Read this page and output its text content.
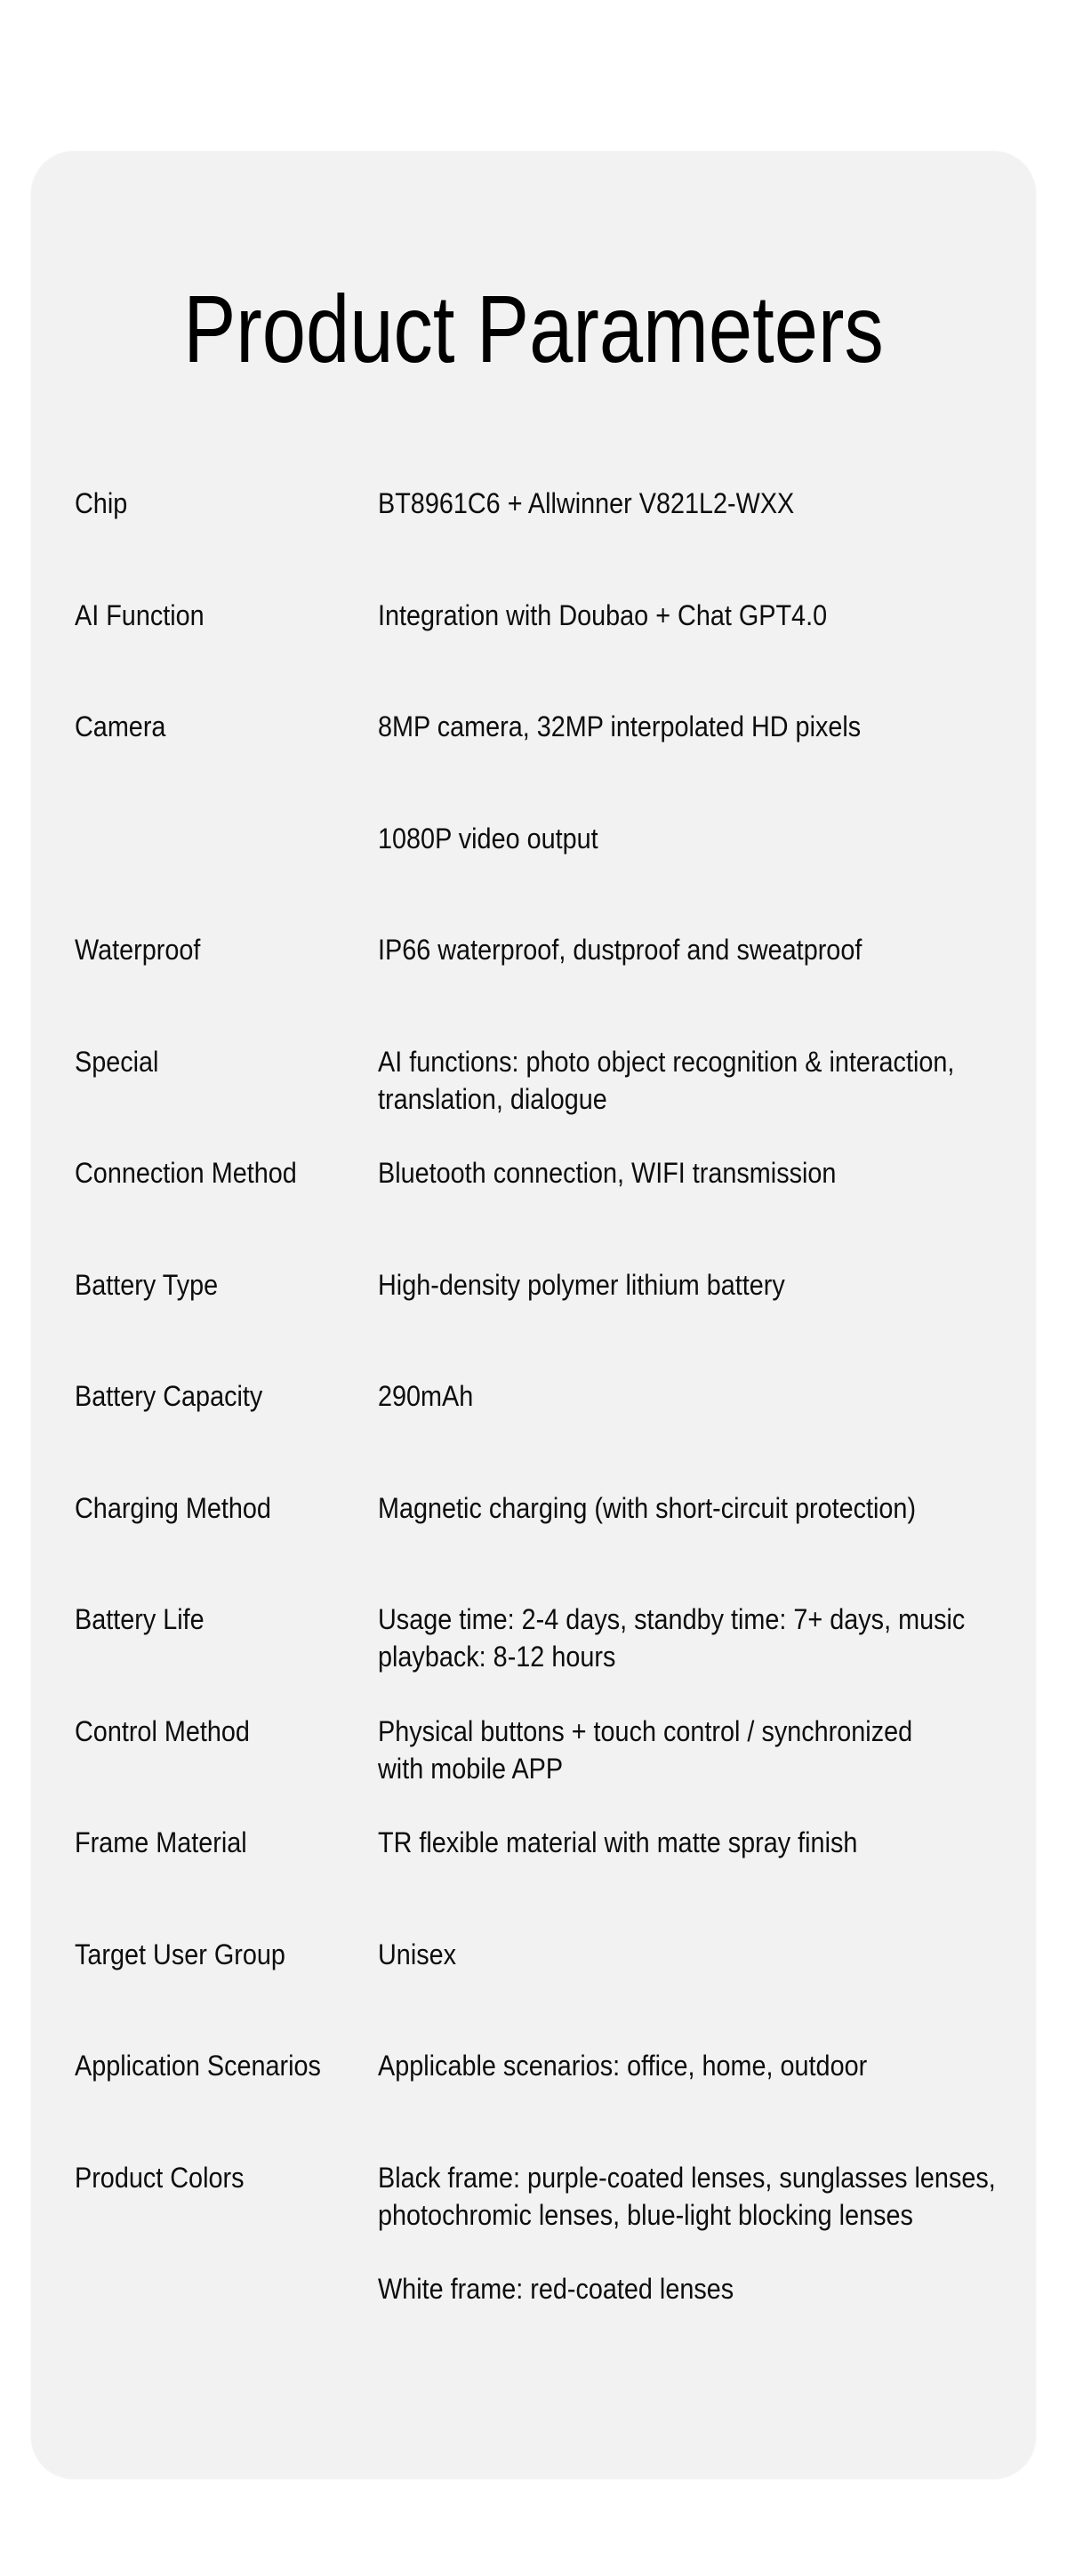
Product Parameters
Chip	BT8961C6 + Allwinner V821L2-WXX
AI Function	Integration with Doubao + Chat GPT4.0
Camera	8MP camera, 32MP interpolated HD pixels
1080P video output
Waterproof	IP66 waterproof, dustproof and sweatproof
Special	AI functions: photo object recognition & interaction,
translation, dialogue
Connection Method	Bluetooth connection, WIFI transmission
Battery Type	High-density polymer lithium battery
Battery Capacity	290mAh
Charging Method	Magnetic charging (with short-circuit protection)
Battery Life	Usage time: 2-4 days, standby time: 7+ days, music
playback: 8-12 hours
Control Method	Physical buttons + touch control / synchronized
with mobile APP
Frame Material	TR flexible material with matte spray finish
Target User Group	Unisex
Application Scenarios	Applicable scenarios: office, home, outdoor
Product Colors	Black frame: purple-coated lenses, sunglasses lenses,
photochromic lenses, blue-light blocking lenses
White frame: red-coated lenses
